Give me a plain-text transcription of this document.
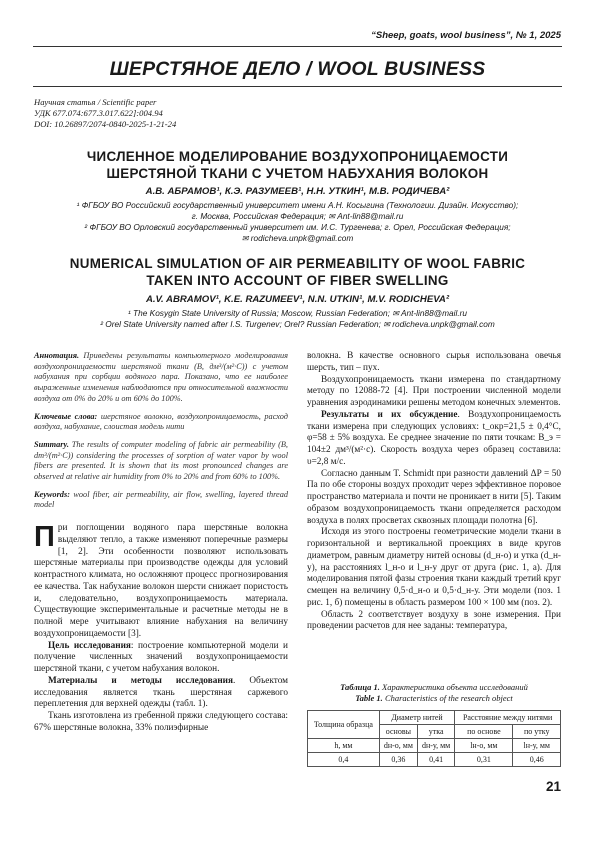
“Sheep, goats, wool business”, № 1, 2025
ШЕРСТЯНОЕ ДЕЛО / WOOL BUSINESS
Научная статья / Scientific paper
УДК 677.074:677.3.017.622]:004.94
DOI: 10.26897/2074-0840-2025-1-21-24
ЧИСЛЕННОЕ МОДЕЛИРОВАНИЕ ВОЗДУХОПРОНИЦАЕМОСТИ
ШЕРСТЯНОЙ ТКАНИ С УЧЕТОМ НАБУХАНИЯ ВОЛОКОН
А.В. АБРАМОВ¹, К.Э. РАЗУМЕЕВ¹, Н.Н. УТКИН¹, М.В. РОДИЧЕВА²
¹ ФГБОУ ВО Российский государственный университет имени А.Н. Косыгина (Технологии. Дизайн. Искусство);
г. Москва, Российская Федерация; ✉ Ant-lin88@mail.ru
² ФГБОУ ВО Орловский государственный университет им. И.С. Тургенева; г. Орел, Российская Федерация;
✉ rodicheva.unpk@gmail.com
NUMERICAL SIMULATION OF AIR PERMEABILITY OF WOOL FABRIC
TAKEN INTO ACCOUNT OF FIBER SWELLING
A.V. ABRAMOV¹, K.E. RAZUMEEV¹, N.N. UTKIN¹, M.V. RODICHEVA²
¹ The Kosygin State University of Russia; Moscow, Russian Federation; ✉ Ant-lin88@mail.ru
² Orel State University named after I.S. Turgenev; Orel? Russian Federation; ✉ rodicheva.unpk@gmail.com
Аннотация. Приведены результаты компьютерного моделирования воздухопроницаемости шерстяной ткани (B, дм³/(м²·С)) с учетом набухания при сорбции водяного пара. Показано, что ее наиболее выраженные изменения наблюдаются при относительной влажности воздуха от 0% до 20% и от 60% до 100%.
Ключевые слова: шерстяное волокно, воздухопроницаемость, расход воздуха, набухание, слоистая модель нити
Summary. The results of computer modeling of fabric air permeability (B, dm³/(m²·C)) considering the processes of sorption of water vapor by wool fibers are presented. It is shown that its most pronounced changes are observed at relative air humidity from 0% to 20% and from 60% to 100%.
Keywords: wool fiber, air permeability, air flow, swelling, layered thread model
При поглощении водяного пара шерстяные волокна выделяют тепло, а также изменяют поперечные размеры [1, 2]. Эти особенности позволяют использовать шерстяные материалы при производстве одежды для условий контрастного климата, но осложняют процесс прогнозирования ее качества. Так набухание волокон шерсти снижает пористость и, следовательно, воздухопроницаемость материала. Существующие экспериментальные и расчетные методы не в полной мере учитывают влияние набухания на величину воздухопроницаемости [3].
Цель исследования: построение компьютерной модели и получение численных значений воздухопроницаемости шерстяной ткани, с учетом набухания волокон.
Материалы и методы исследования. Объектом исследования является ткань шерстяная саржевого переплетения для верхней одежды (табл. 1).
Ткань изготовлена из гребенной пряжи следующего состава: 67% шерстяные волокна, 33% полиэфирные
волокна. В качестве основного сырья использована овечья шерсть, тип – пух.
Воздухопроницаемость ткани измерена по стандартному методу по 12088-72 [4]. При построении численной модели уравнения аэродинамики решены методом конечных элементов.
Результаты и их обсуждение. Воздухопроницаемость ткани измерена при следующих условиях: t_окр=21,5 ± 0,4°С, φ=58 ± 5% воздуха. Ее среднее значение по пяти точкам: B_э = 104±2 дм³/(м²·с). Скорость воздуха через образец составила: υ=2,8 м/с.
Согласно данным T. Schmidt при разности давлений ΔP = 50 Па по обе стороны воздух проходит через эффективное поровое пространство материала и почти не проникает в нити [5]. Таким образом воздухопроницаемость ткани определяется расходом воздуха в полях просветах сквозных площади полотна [6].
Исходя из этого построены геометрические модели ткани в горизонтальной и вертикальной проекциях в виде кругов диаметром, равным диаметру нитей основы (d_н-о) и утка (d_н-у), на расстояниях l_н-о и l_н-у друг от друга (рис. 1, а). Для моделирования пятой фазы строения ткани каждый третий круг смещен на величину 0,5·d_н-о и 0,5·d_н-у. Эти модели (поз. 1 рис. 1, б) помещены в область размером 100 × 100 мм (поз. 2).
Область 2 соответствует воздуху в зоне измерения. При проведении расчетов для нее заданы: температура,
Таблица 1. Характеристика объекта исследований
Table 1. Characteristics of the research object
Толщина образца	Диаметр нитей		Расстояние между нитями	
	основы	утка	по основе	по утку
h, мм	dн-о, мм	dн-у, мм	lн-о, мм	lн-у, мм
0,4	0,36	0,41	0,31	0,46
21
